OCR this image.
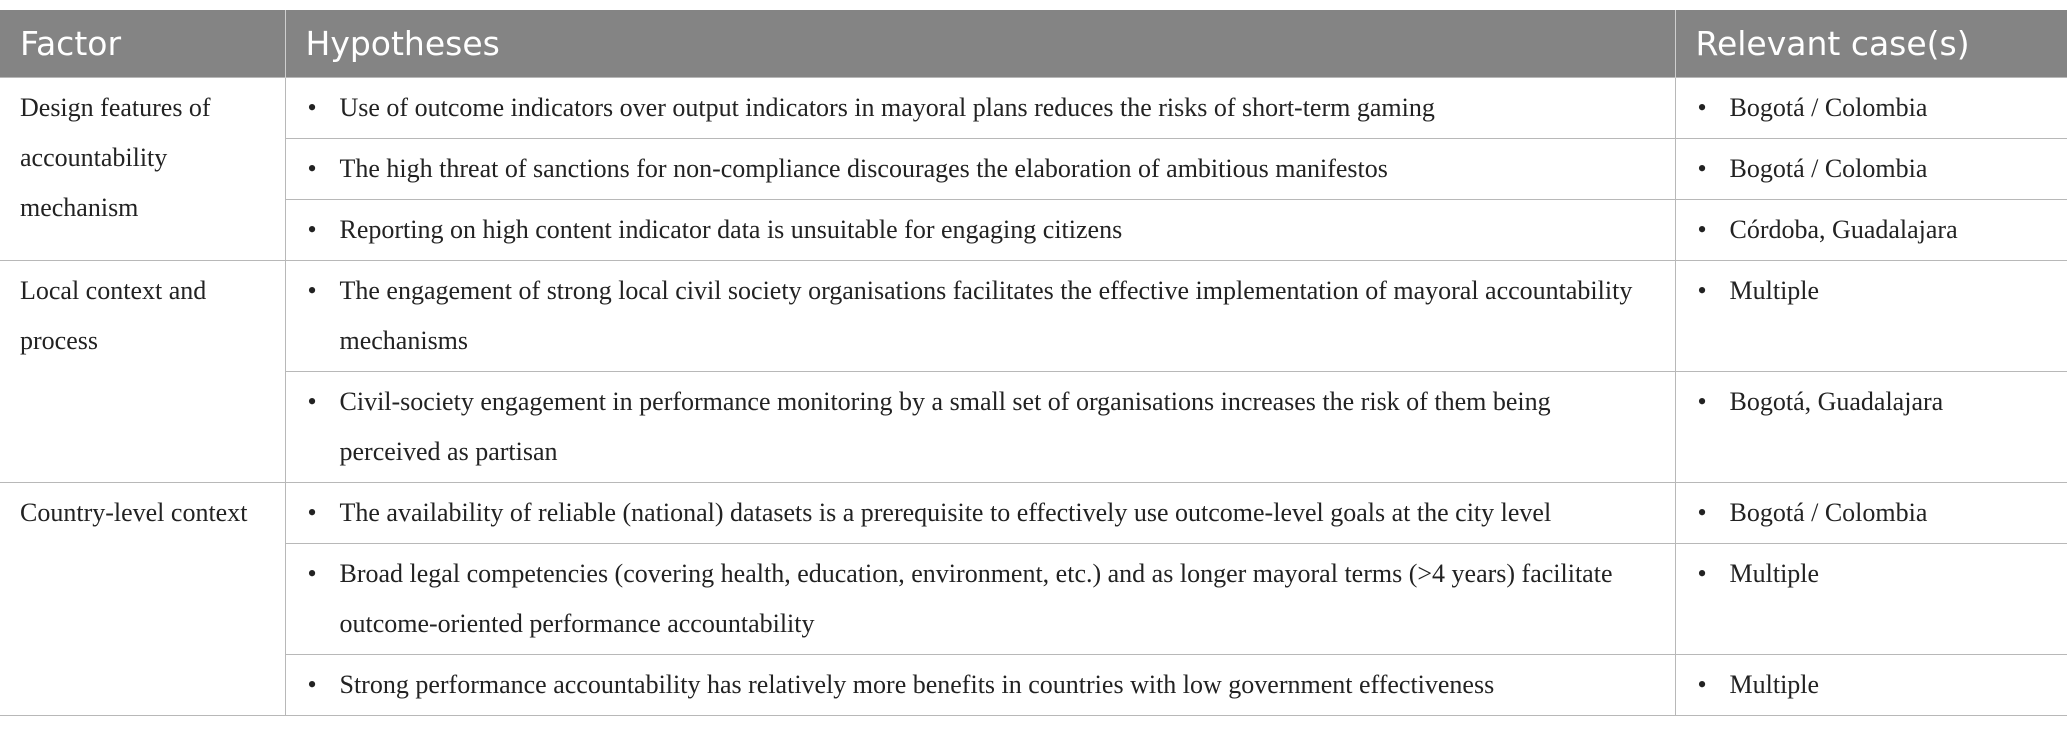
Factor	Hypotheses	Relevant case(s)
Design features of accountability mechanism	• Use of outcome indicators over output indicators in mayoral plans reduces the risks of short-term gaming	• Bogotá / Colombia

	• The high threat of sanctions for non-compliance discourages the elaboration of ambitious manifestos	• Bogotá / Colombia

	• Reporting on high content indicator data is unsuitable for engaging citizens	• Córdoba, Guadalajara

Local context and process	• The engagement of strong local civil society organisations facilitates the effective implementation of mayoral accountability mechanisms	• Multiple

	• Civil-society engagement in performance monitoring by a small set of organisations increases the risk of them being perceived as partisan	• Bogotá, Guadalajara

Country-level context	• The availability of reliable (national) datasets is a prerequisite to effectively use outcome-level goals at the city level	• Bogotá / Colombia

	• Broad legal competencies (covering health, education, environment, etc.) and as longer mayoral terms (>4 years) facilitate outcome-oriented performance accountability	• Multiple

	• Strong performance accountability has relatively more benefits in countries with low government effectiveness	• Multiple
